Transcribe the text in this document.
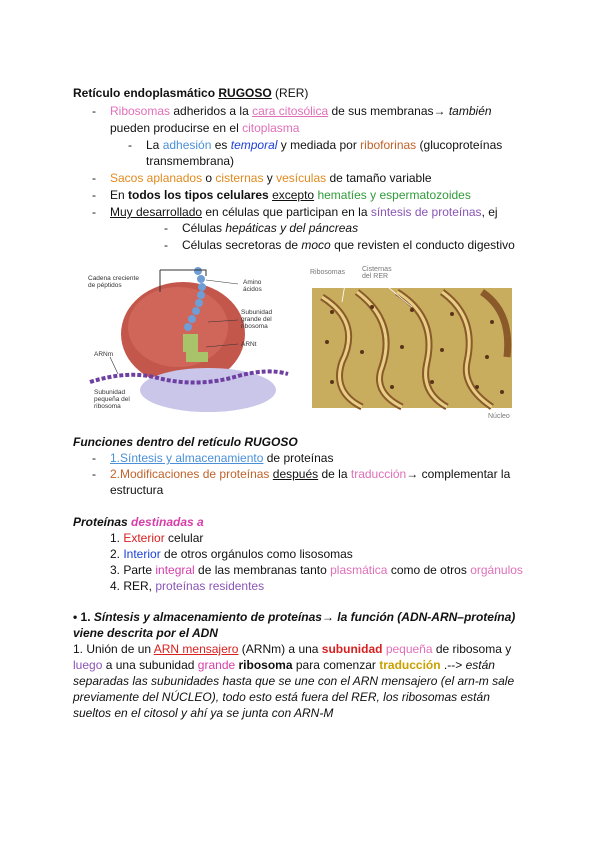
Retículo endoplasmático RUGOSO (RER)
- Ribosomas adheridos a la cara citosólica de sus membranas→ también
pueden producirse en el citoplasma
- La adhesión es temporal y mediada por riboforinas (glucoproteínas
transmembrana)
- Sacos aplanados o cisternas y vesículas de tamaño variable
- En todos los tipos celulares excepto hematíes y espermatozoides
- Muy desarrollado en células que participan en la síntesis de proteínas, ej
- Células hepáticas y del páncreas
- Células secretoras de moco que revisten el conducto digestivo
Cadena creciente
de péptidos	Amino
ácidos
Subunidad
grande del
ribosoma
ARNt
ARNm
Subunidad
pequeña del
ribosoma
Ribosomas Cisternas
del RER
Núcleo
Funciones dentro del retículo RUGOSO
- 1.Síntesis y almacenamiento de proteínas
- 2.Modificaciones de proteínas después de la traducción→ complementar la
estructura
Proteínas destinadas a
1. Exterior celular
2. Interior de otros orgánulos como lisosomas
3. Parte integral de las membranas tanto plasmática como de otros orgánulos
4. RER, proteínas residentes
• 1. Síntesis y almacenamiento de proteínas→ la función (ADN-ARN–proteína)
viene descrita por el ADN
1. Unión de un ARN mensajero (ARNm) a una subunidad pequeña de ribosoma y
luego a una subunidad grande ribosoma para comenzar traducción .--> están
separadas las subunidades hasta que se une con el ARN mensajero (el arn-m sale
previamente del NÚCLEO), todo esto está fuera del RER, los ribosomas están
sueltos en el citosol y ahí ya se junta con ARN-M
